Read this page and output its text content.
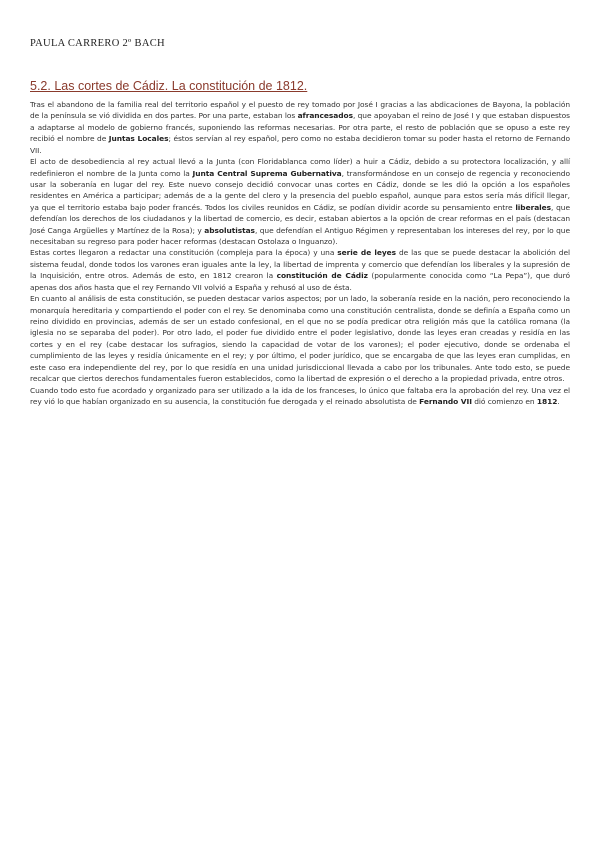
PAULA CARRERO 2º BACH
5.2. Las cortes de Cádiz. La constitución de 1812.

Tras el abandono de la familia real del territorio español y el puesto de rey tomado por José I gracias a las abdicaciones de Bayona, la población de la península se vió dividida en dos partes. Por una parte, estaban los afrancesados, que apoyaban el reino de José I y que estaban dispuestos a adaptarse al modelo de gobierno francés, suponiendo las reformas necesarias. Por otra parte, el resto de población que se opuso a este rey recibió el nombre de Juntas Locales; éstos servían al rey español, pero como no estaba decidieron tomar su poder hasta el retorno de Fernando VII.

El acto de desobediencia al rey actual llevó a la Junta (con Floridablanca como líder) a huir a Cádiz, debido a su protectora localización, y allí redefinieron el nombre de la Junta como la Junta Central Suprema Gubernativa, transformándose en un consejo de regencia y reconociendo usar la soberanía en lugar del rey. Este nuevo consejo decidió convocar unas cortes en Cádiz, donde se les dió la opción a los españoles residentes en América a participar; además de a la gente del clero y la presencia del pueblo español, aunque para estos sería más difícil llegar, ya que el territorio estaba bajo poder francés. Todos los civiles reunidos en Cádiz, se podían dividir acorde su pensamiento entre liberales, que defendían los derechos de los ciudadanos y la libertad de comercio, es decir, estaban abiertos a la opción de crear reformas en el país (destacan José Canga Argüelles y Martínez de la Rosa); y absolutistas, que defendían el Antiguo Régimen y representaban los intereses del rey, por lo que necesitaban su regreso para poder hacer reformas (destacan Ostolaza o Inguanzo).

Estas cortes llegaron a redactar una constitución (compleja para la época) y una serie de leyes de las que se puede destacar la abolición del sistema feudal, donde todos los varones eran iguales ante la ley, la libertad de imprenta y comercio que defendían los liberales y la supresión de la Inquisición, entre otros. Además de esto, en 1812 crearon la constitución de Cádiz (popularmente conocida como “La Pepa”), que duró apenas dos años hasta que el rey Fernando VII volvió a España y rehusó al uso de ésta.

En cuanto al análisis de esta constitución, se pueden destacar varios aspectos; por un lado, la soberanía reside en la nación, pero reconociendo la monarquía hereditaria y compartiendo el poder con el rey. Se denominaba como una constitución centralista, donde se definía a España como un reino dividido en provincias, además de ser un estado confesional, en el que no se podía predicar otra religión más que la católica romana (la iglesia no se separaba del poder). Por otro lado, el poder fue dividido entre el poder legislativo, donde las leyes eran creadas y residía en las cortes y en el rey (cabe destacar los sufragios, siendo la capacidad de votar de los varones); el poder ejecutivo, donde se ordenaba el cumplimiento de las leyes y residía únicamente en el rey; y por último, el poder jurídico, que se encargaba de que las leyes eran cumplidas, en este caso era independiente del rey, por lo que residía en una unidad jurisdiccional llevada a cabo por los tribunales. Ante todo esto, se puede recalcar que ciertos derechos fundamentales fueron establecidos, como la libertad de expresión o el derecho a la propiedad privada, entre otros.

Cuando todo esto fue acordado y organizado para ser utilizado a la ida de los franceses, lo único que faltaba era la aprobación del rey. Una vez el rey vió lo que habían organizado en su ausencia, la constitución fue derogada y el reinado absolutista de Fernando VII dió comienzo en 1812.
